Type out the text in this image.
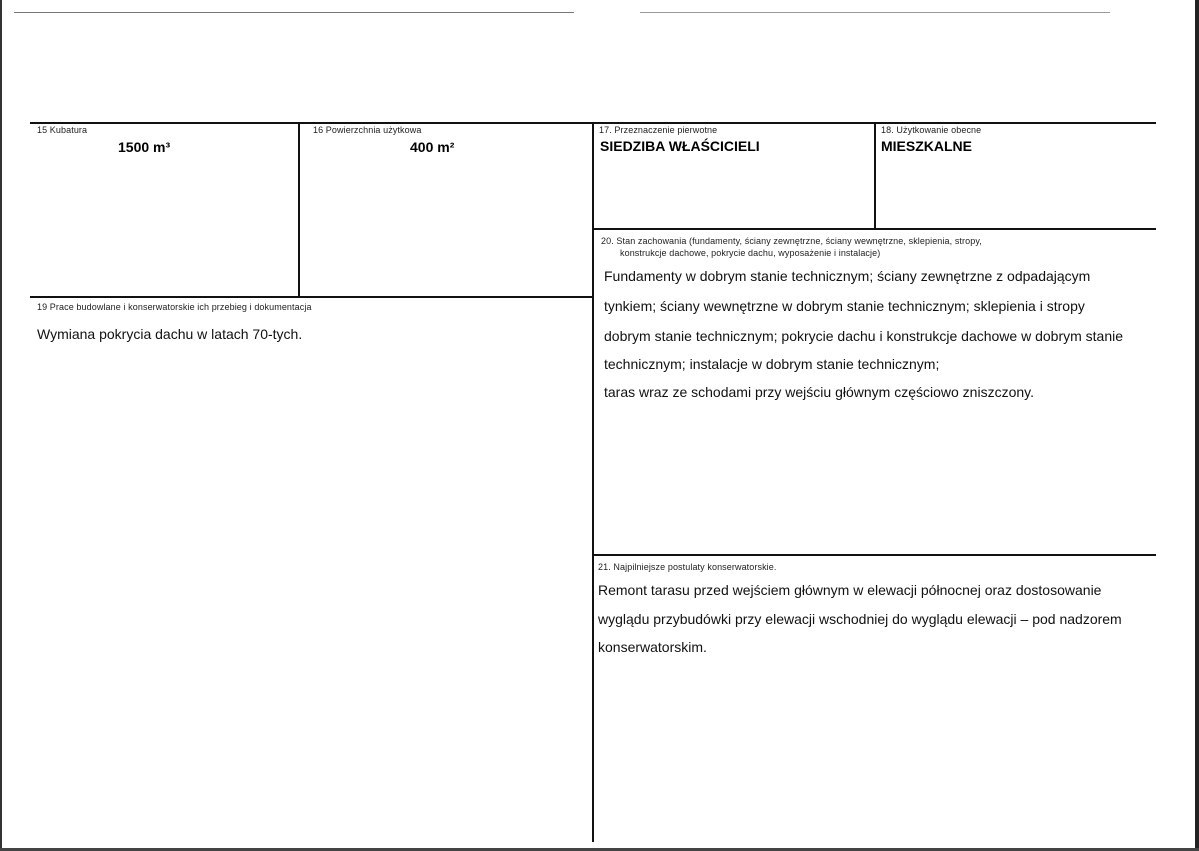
15 Kubatura
1500 m³
16 Powierzchnia użytkowa
400 m²
17. Przeznaczenie pierwotne
SIEDZIBA WŁAŚCICIELI
18. Użytkowanie obecne
MIESZKALNE
20. Stan zachowania (fundamenty, ściany zewnętrzne, ściany wewnętrzne, sklepienia, stropy,
konstrukcje dachowe, pokrycie dachu, wyposażenie i instalacje)
Fundamenty w dobrym stanie technicznym; ściany zewnętrzne z odpadającym
tynkiem; ściany wewnętrzne w dobrym stanie technicznym; sklepienia i stropy
dobrym stanie technicznym; pokrycie dachu i konstrukcje dachowe w dobrym stanie
technicznym; instalacje w dobrym stanie technicznym;
taras wraz ze schodami przy wejściu głównym częściowo zniszczony.
19 Prace budowlane i konserwatorskie ich przebieg i dokumentacja
Wymiana pokrycia dachu w latach 70-tych.
21. Najpilniejsze postulaty konserwatorskie.
Remont tarasu przed wejściem głównym w elewacji północnej oraz dostosowanie
wyglądu przybudówki przy elewacji wschodniej do wyglądu elewacji – pod nadzorem
konserwatorskim.
